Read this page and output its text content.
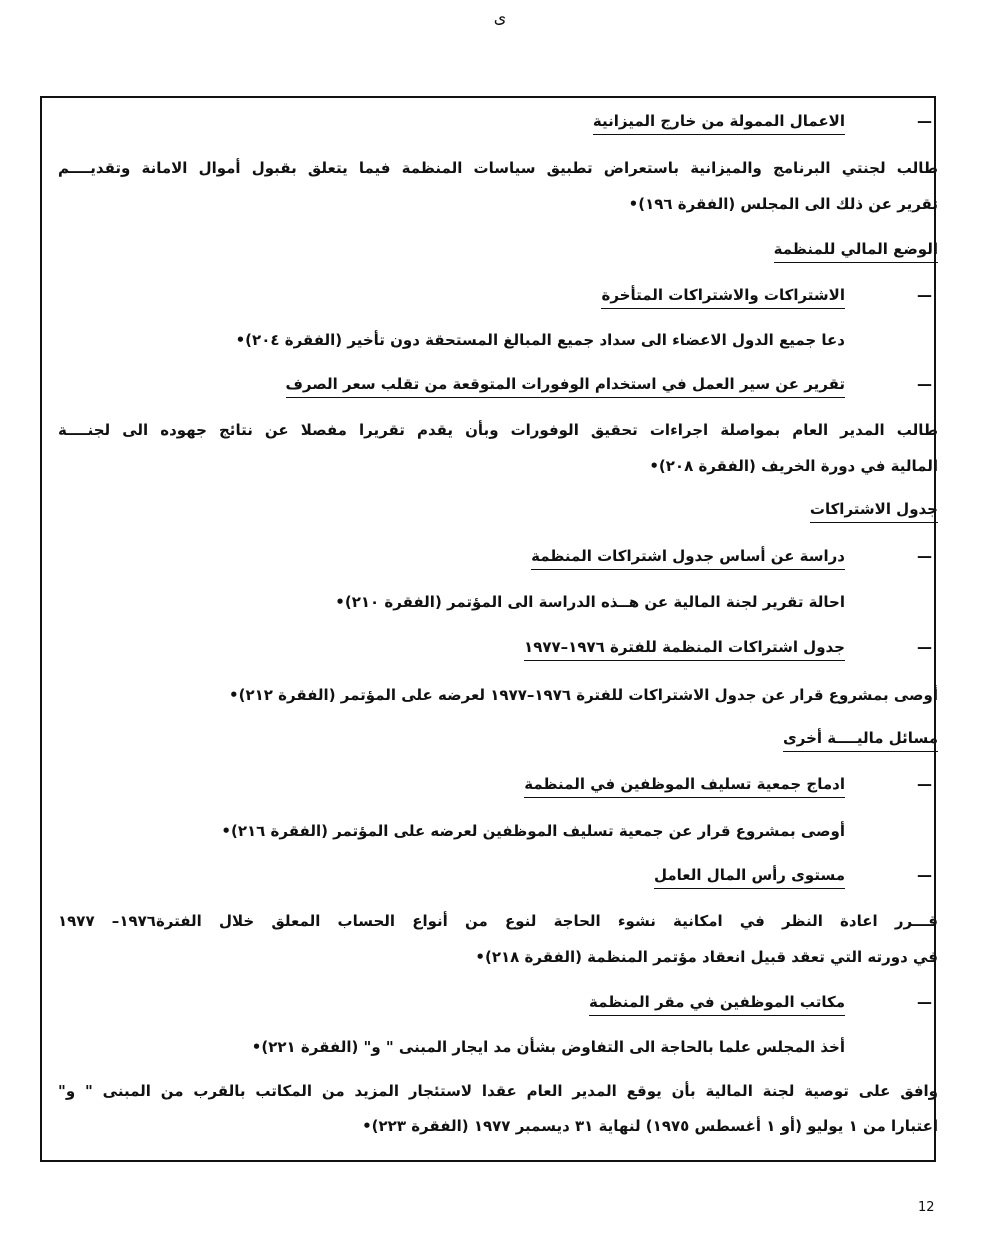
ى
—
الاعمال الممولة من خارج الميزانية
طالب لجنتي البرنامج والميزانية باستعراض تطبيق سياسات المنظمة فيما يتعلق بقبول أموال الامانة وتقديــــم
تقرير عن ذلك الى المجلس (الفقرة ١٩٦)•
الوضع المالي للمنظمة
—
الاشتراكات والاشتراكات المتأخرة
دعا جميع الدول الاعضاء الى سداد جميع المبالغ المستحقة دون تأخير (الفقرة ٢٠٤)•
—
تقرير عن سير العمل في استخدام الوفورات المتوقعة من تقلب سعر الصرف
طالب المدير العام بمواصلة اجراءات تحقيق الوفورات وبأن يقدم تقريرا مفصلا عن نتائج جهوده الى لجنــــة
المالية في دورة الخريف (الفقرة ٢٠٨)•
جدول الاشتراكات
—
دراسة عن أساس جدول اشتراكات المنظمة
احالة تقرير لجنة المالية عن هــذه الدراسة الى المؤتمر (الفقرة ٢١٠)•
—
جدول اشتراكات المنظمة للفترة ١٩٧٦–١٩٧٧
أوصى بمشروع قرار عن جدول الاشتراكات للفترة ١٩٧٦–١٩٧٧ لعرضه على المؤتمر (الفقرة ٢١٢)•
مسائل ماليــــة أخرى
—
ادماج جمعية تسليف الموظفين في المنظمة
أوصى بمشروع قرار عن جمعية تسليف الموظفين لعرضه على المؤتمر (الفقرة ٢١٦)•
—
مستوى رأس المال العامل
قـــرر اعادة النظر في امكانية نشوء الحاجة لنوع من أنواع الحساب المعلق خلال الفترة١٩٧٦– ١٩٧٧
في دورته التي تعقد قبيل انعقاد مؤتمر المنظمة (الفقرة ٢١٨)•
—
مكاتب الموظفين في مقر المنظمة
أخذ المجلس علما بالحاجة الى التفاوض بشأن مد ايجار المبنى " و" (الفقرة ٢٢١)•
وافق على توصية لجنة المالية بأن يوقع المدير العام عقدا لاستئجار المزيد من المكاتب بالقرب من المبنى " و"
اعتبارا من ١ يوليو (أو ١ أغسطس ١٩٧٥) لنهاية ٣١ ديسمبر ١٩٧٧ (الفقرة ٢٢٣)•
12
